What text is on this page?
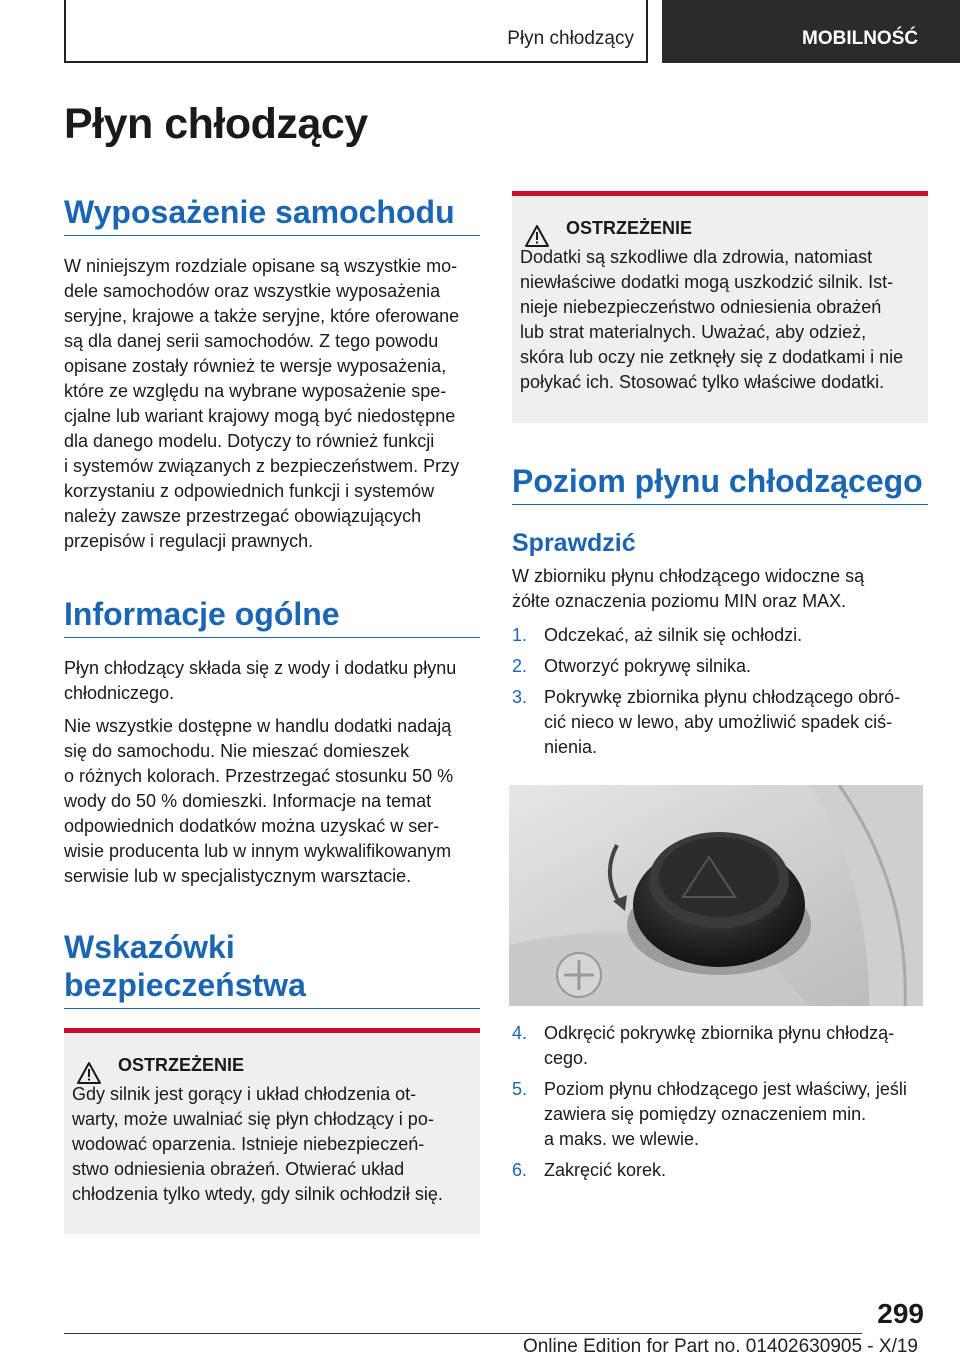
Płyn chłodzący	MOBILNOŚĆ
Płyn chłodzący
Wyposażenie samochodu
W niniejszym rozdziale opisane są wszystkie mo‐
dele samochodów oraz wszystkie wyposażenia
seryjne, krajowe a także seryjne, które oferowane
są dla danej serii samochodów. Z tego powodu
opisane zostały również te wersje wyposażenia,
które ze względu na wybrane wyposażenie spe‐
cjalne lub wariant krajowy mogą być niedostępne
dla danego modelu. Dotyczy to również funkcji
i systemów związanych z bezpieczeństwem. Przy
korzystaniu z odpowiednich funkcji i systemów
należy zawsze przestrzegać obowiązujących
przepisów i regulacji prawnych.
Informacje ogólne
Płyn chłodzący składa się z wody i dodatku płynu
chłodniczego.
Nie wszystkie dostępne w handlu dodatki nadają
się do samochodu. Nie mieszać domieszek
o różnych kolorach. Przestrzegać stosunku 50 %
wody do 50 % domieszki. Informacje na temat
odpowiednich dodatków można uzyskać w ser‐
wisie producenta lub w innym wykwalifikowanym
serwisie lub w specjalistycznym warsztacie.
Wskazówki
bezpieczeństwa
OSTRZEŻENIE
Gdy silnik jest gorący i układ chłodzenia ot‐
warty, może uwalniać się płyn chłodzący i po‐
wodować oparzenia. Istnieje niebezpieczeń‐
stwo odniesienia obrażeń. Otwierać układ
chłodzenia tylko wtedy, gdy silnik ochłodził się.
OSTRZEŻENIE
Dodatki są szkodliwe dla zdrowia, natomiast
niewłaściwe dodatki mogą uszkodzić silnik. Ist‐
nieje niebezpieczeństwo odniesienia obrażeń
lub strat materialnych. Uważać, aby odzież,
skóra lub oczy nie zetknęły się z dodatkami i nie
połykać ich. Stosować tylko właściwe dodatki.
Poziom płynu chłodzącego
Sprawdzić
W zbiorniku płynu chłodzącego widoczne są
żółte oznaczenia poziomu MIN oraz MAX.
1. Odczekać, aż silnik się ochłodzi.
2. Otworzyć pokrywę silnika.
3. Pokrywkę zbiornika płynu chłodzącego obró‐
cić nieco w lewo, aby umożliwić spadek ciś‐
nienia.
4. Odkręcić pokrywkę zbiornika płynu chłodzą‐
cego.
5. Poziom płynu chłodzącego jest właściwy, jeśli
zawiera się pomiędzy oznaczeniem min.
a maks. we wlewie.
6. Zakręcić korek.
299
Online Edition for Part no. 01402630905 - X/19
